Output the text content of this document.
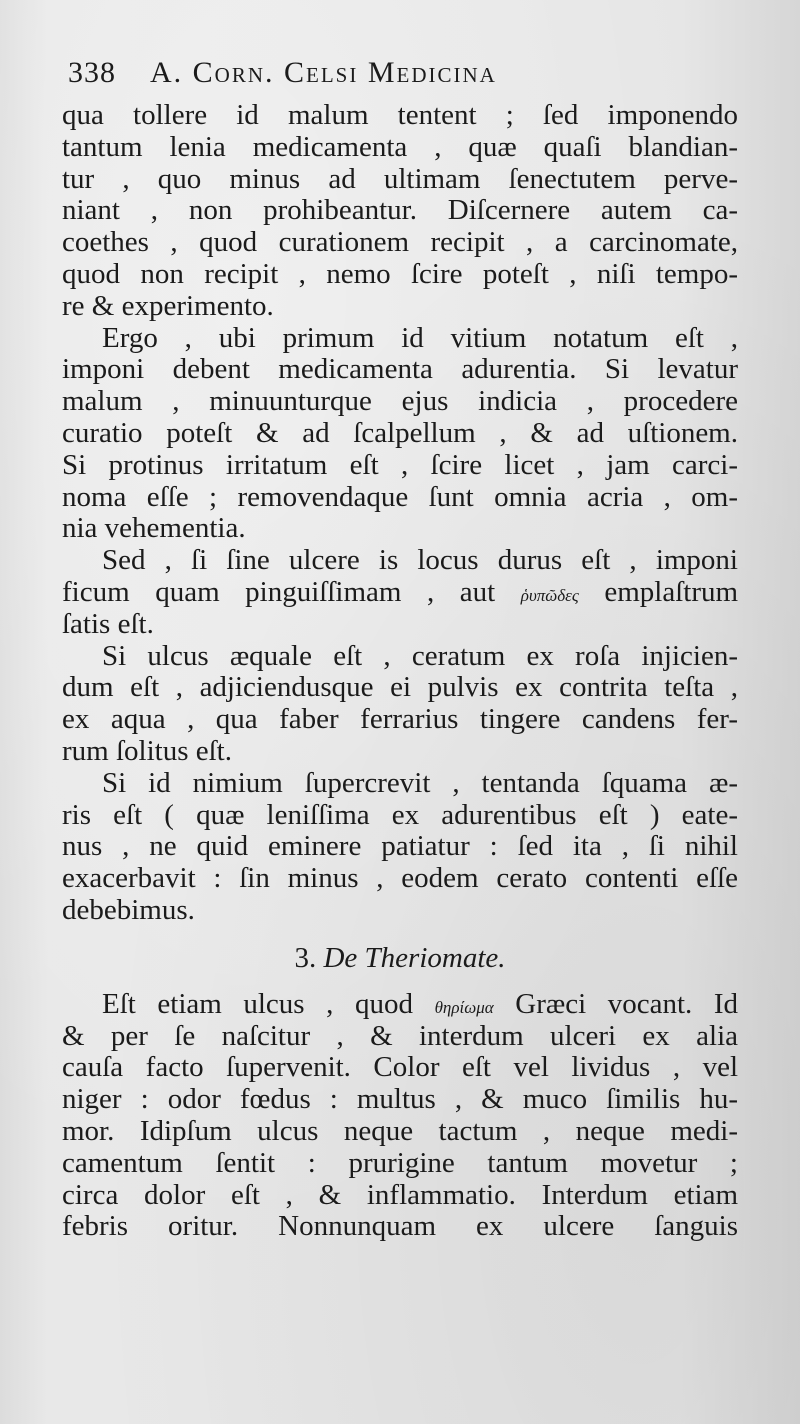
338 A. Corn. Celsi Medicina
qua tollere id malum tentent ; ſed imponendo
tantum lenia medicamenta , quæ quaſi blandian-
tur , quo minus ad ultimam ſenectutem perve-
niant , non prohibeantur. Diſcernere autem ca-
coethes , quod curationem recipit , a carcinomate,
quod non recipit , nemo ſcire poteſt , niſi tempo-
re & experimento.
Ergo , ubi primum id vitium notatum eſt ,
imponi debent medicamenta adurentia. Si levatur
malum , minuunturque ejus indicia , procedere
curatio poteſt & ad ſcalpellum , & ad uſtionem.
Si protinus irritatum eſt , ſcire licet , jam carci-
noma eſſe ; removendaque ſunt omnia acria , om-
nia vehementia.
Sed , ſi ſine ulcere is locus durus eſt , imponi
ficum quam pinguiſſimam , aut ῥυπῶδες emplaſtrum
ſatis eſt.
Si ulcus æquale eſt , ceratum ex roſa injicien-
dum eſt , adjiciendusque ei pulvis ex contrita teſta ,
ex aqua , qua faber ferrarius tingere candens fer-
rum ſolitus eſt.
Si id nimium ſupercrevit , tentanda ſquama æ-
ris eſt ( quæ leniſſima ex adurentibus eſt ) eate-
nus , ne quid eminere patiatur : ſed ita , ſi nihil
exacerbavit : ſin minus , eodem cerato contenti eſſe
debebimus.
3. De Theriomate.
Eſt etiam ulcus , quod θηρίωμα Græci vocant. Id
& per ſe naſcitur , & interdum ulceri ex alia
cauſa facto ſupervenit. Color eſt vel lividus , vel
niger : odor fœdus : multus , & muco ſimilis hu-
mor. Idipſum ulcus neque tactum , neque medi-
camentum ſentit : prurigine tantum movetur ;
circa dolor eſt , & inflammatio. Interdum etiam
febris oritur. Nonnunquam ex ulcere ſanguis
